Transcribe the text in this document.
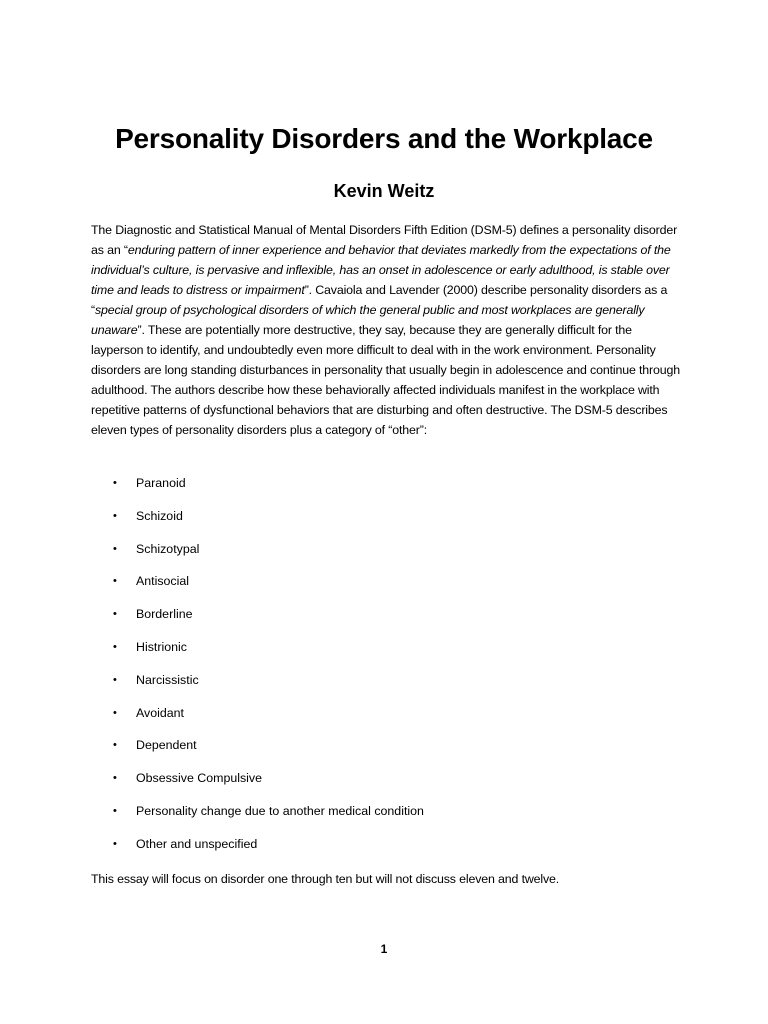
Personality Disorders and the Workplace
Kevin Weitz
The Diagnostic and Statistical Manual of Mental Disorders Fifth Edition (DSM-5) defines a personality disorder as an “enduring pattern of inner experience and behavior that deviates markedly from the expectations of the individual’s culture, is pervasive and inflexible, has an onset in adolescence or early adulthood, is stable over time and leads to distress or impairment”. Cavaiola and Lavender (2000) describe personality disorders as a “special group of psychological disorders of which the general public and most workplaces are generally unaware”. These are potentially more destructive, they say, because they are generally difficult for the layperson to identify, and undoubtedly even more difficult to deal with in the work environment. Personality disorders are long standing disturbances in personality that usually begin in adolescence and continue through adulthood. The authors describe how these behaviorally affected individuals manifest in the workplace with repetitive patterns of dysfunctional behaviors that are disturbing and often destructive. The DSM-5 describes eleven types of personality disorders plus a category of “other”:
• Paranoid
• Schizoid
• Schizotypal
• Antisocial
• Borderline
• Histrionic
• Narcissistic
• Avoidant
• Dependent
• Obsessive Compulsive
• Personality change due to another medical condition
• Other and unspecified
This essay will focus on disorder one through ten but will not discuss eleven and twelve.
1
